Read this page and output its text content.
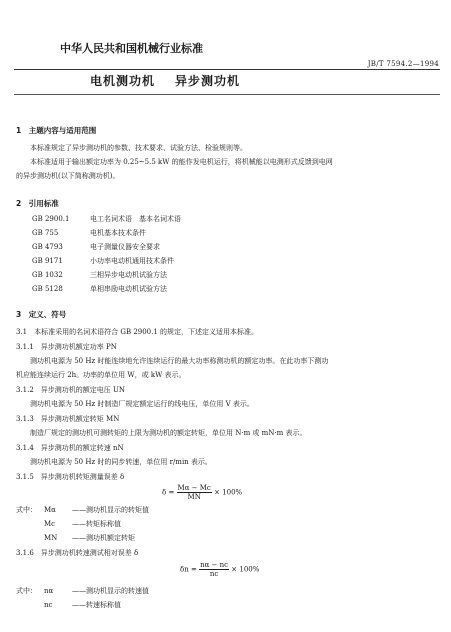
中华人民共和国机械行业标准
JB/T 7594.2—1994
电机测功机 异步测功机
1　主题内容与适用范围
本标准规定了异步测功机的参数、技术要求、试验方法、检验规则等。
本标准适用于输出额定功率为 0.25~5.5 kW 的能作发电机运行，将机械能以电测形式反馈到电网
的异步测功机(以下简称测功机)。
2　引用标准
GB 2900.1	电工名词术语　基本名词术语
GB 755	电机基本技术条件
GB 4793	电子测量仪器安全要求
GB 9171	小功率电动机通用技术条件
GB 1032	三相异步电动机试验方法
GB 5128	单相串励电动机试验方法
3　定义、符号
3.1　本标准采用的名词术语符合 GB 2900.1 的规定，下述定义适用本标准。
3.1.1　异步测功机额定功率 PN
测功机电源为 50 Hz 时能连续地允许连续运行的最大功率称测功机的额定功率。在此功率下测功
机应能连续运行 2h。功率的单位用 W，或 kW 表示。
3.1.2　异步测功机的额定电压 UN
测功机电源为 50 Hz 时制造厂规定额定运行的线电压，单位用 V 表示。
3.1.3　异步测功机额定转矩 MN
制造厂规定的测功机可测转矩的上限为测功机的额定转矩，单位用 N·m 或 mN·m 表示。
3.1.4　异步测功机的额定转速 nN
测功机电源为 50 Hz 时的同步转速，单位用 r/min 表示。
3.1.5　异步测功机转矩测量误差 δ
$\delta = \frac{M\alpha - Mc}{MN} \times 100\%$
式中： Mα ——测功机显示的转矩值
Mc ——转矩标称值
MN ——测功机额定转矩
3.1.6　异步测功机转速测试相对误差 δ
$\delta n = \frac{n\alpha - nc}{nc} \times 100\%$
式中： nα	——测功机显示的转速值
nc	——转速标称值
